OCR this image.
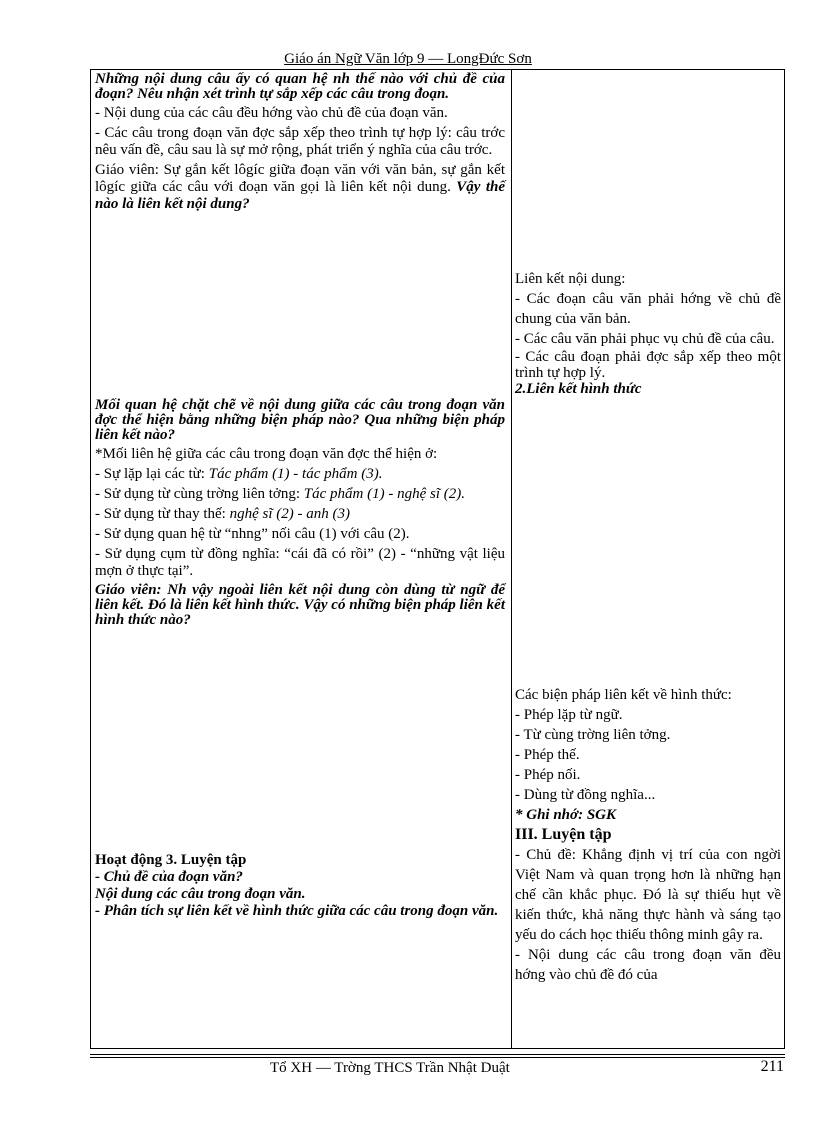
Giáo án Ngữ Văn lớp 9 — LongĐức Sơn

Những nội dung câu ấy có quan hệ nh thế nào với chủ đề của đoạn? Nêu nhận xét trình tự sắp xếp các câu trong đoạn.

- Nội dung của các câu đều hớng vào chủ đề của đoạn văn.

- Các câu trong đoạn văn đợc sắp xếp theo trình tự hợp lý: câu trớc nêu vấn đề, câu sau là sự mở rộng, phát triển ý nghĩa của câu trớc.

Giáo viên: Sự gắn kết lôgíc giữa đoạn văn với văn bản, sự gắn kết lôgíc giữa các câu với đoạn văn gọi là liên kết nội dung. Vậy thế nào là liên kết nội dung?

Mối quan hệ chặt chẽ về nội dung giữa các câu trong đoạn văn đợc thể hiện bằng những biện pháp nào? Qua những biện pháp liên kết nào?

*Mối liên hệ giữa các câu trong đoạn văn đợc thể hiện ở:

- Sự lặp lại các từ: Tác phẩm (1) - tác phẩm (3).

- Sử dụng từ cùng trờng liên tởng: Tác phẩm (1) - nghệ sĩ (2).

- Sử dụng từ thay thế: nghệ sĩ (2) - anh (3)

- Sử dụng quan hệ từ “nhng” nối câu (1) với câu (2).

- Sử dụng cụm từ đồng nghĩa: “cái đã có rồi” (2) - “những vật liệu mợn ở thực tại”.

Giáo viên: Nh vậy ngoài liên kết nội dung còn dùng từ ngữ để liên kết. Đó là liên kết hình thức. Vậy có những biện pháp liên kết hình thức nào?

Hoạt động 3. Luyện tập

- Chủ đề của đoạn văn?

Nội dung các câu trong đoạn văn.

- Phân tích sự liên kết về hình thức giữa các câu trong đoạn văn.

Liên kết nội dung:

- Các đoạn câu văn phải hớng về chủ đề chung của văn bản.

- Các câu văn phải phục vụ chủ đề của câu.

- Các câu đoạn phải đợc sắp xếp theo một trình tự hợp lý.

2.Liên kết hình thức

Các biện pháp liên kết về hình thức:

- Phép lặp từ ngữ.

- Từ cùng trờng liên tởng.

- Phép thế.

- Phép nối.

- Dùng từ đồng nghĩa...

* Ghi nhớ: SGK

III. Luyện tập

- Chủ đề: Khẳng định vị trí của con ngời Việt Nam và quan trọng hơn là những hạn chế cần khắc phục. Đó là sự thiếu hụt về kiến thức, khả năng thực hành và sáng tạo yếu do cách học thiếu thông minh gây ra.

- Nội dung các câu trong đoạn văn đều hớng vào chủ đề đó của

Tổ XH — Trờng THCS Trần Nhật Duật	211
